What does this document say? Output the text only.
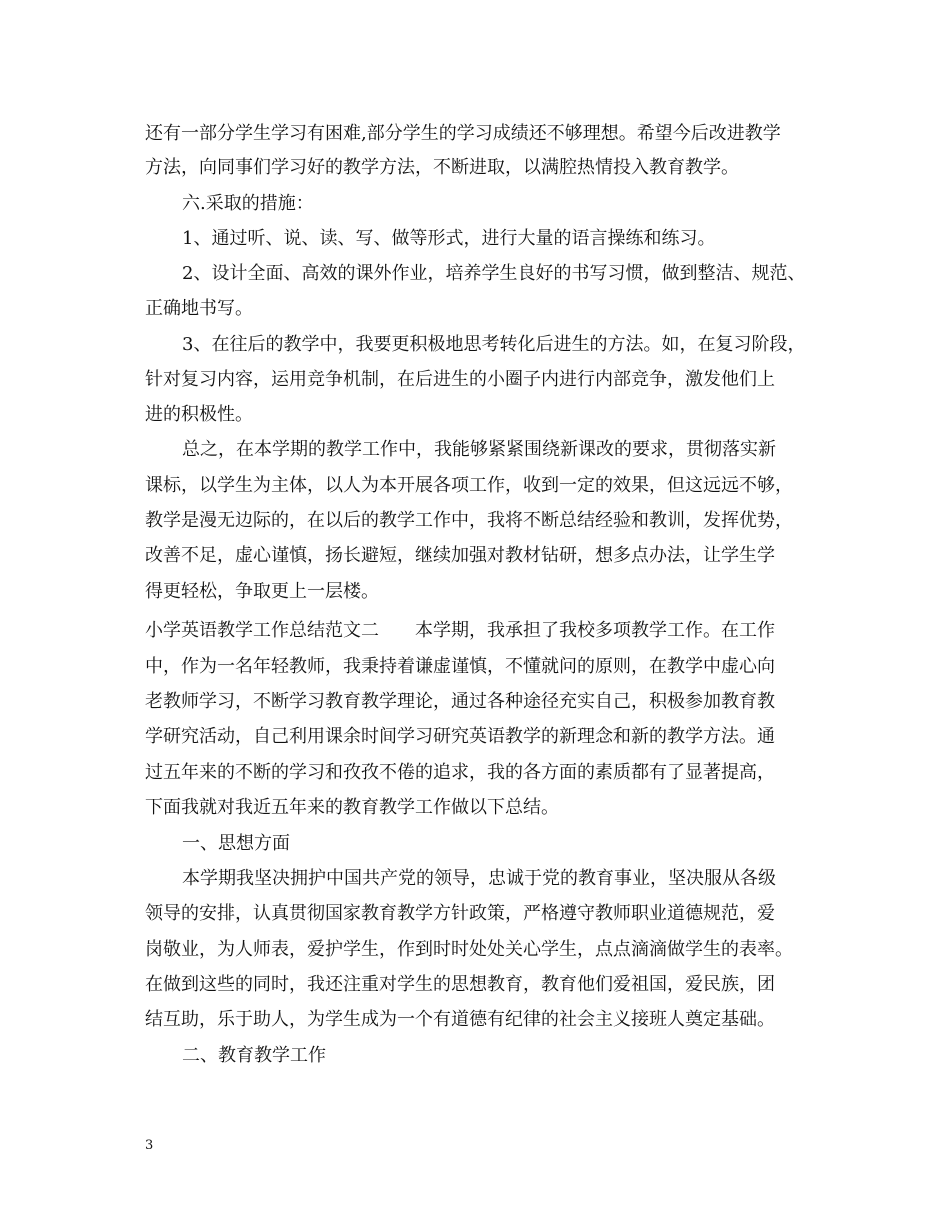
还有一部分学生学习有困难,部分学生的学习成绩还不够理想。希望今后改进教学
方法，向同事们学习好的教学方法，不断进取，以满腔热情投入教育教学。
六.采取的措施：
1、通过听、说、读、写、做等形式，进行大量的语言操练和练习。
2、设计全面、高效的课外作业，培养学生良好的书写习惯，做到整洁、规范、
正确地书写。
3、在往后的教学中，我要更积极地思考转化后进生的方法。如，在复习阶段，
针对复习内容，运用竞争机制，在后进生的小圈子内进行内部竞争，激发他们上
进的积极性。
总之，在本学期的教学工作中，我能够紧紧围绕新课改的要求，贯彻落实新
课标，以学生为主体，以人为本开展各项工作，收到一定的效果，但这远远不够，
教学是漫无边际的，在以后的教学工作中，我将不断总结经验和教训，发挥优势，
改善不足，虚心谨慎，扬长避短，继续加强对教材钻研，想多点办法，让学生学
得更轻松，争取更上一层楼。
小学英语教学工作总结范文二　　本学期，我承担了我校多项教学工作。在工作
中，作为一名年轻教师，我秉持着谦虚谨慎，不懂就问的原则，在教学中虚心向
老教师学习，不断学习教育教学理论，通过各种途径充实自己，积极参加教育教
学研究活动，自己利用课余时间学习研究英语教学的新理念和新的教学方法。通
过五年来的不断的学习和孜孜不倦的追求，我的各方面的素质都有了显著提高，
下面我就对我近五年来的教育教学工作做以下总结。
一、思想方面
本学期我坚决拥护中国共产党的领导，忠诚于党的教育事业，坚决服从各级
领导的安排，认真贯彻国家教育教学方针政策，严格遵守教师职业道德规范，爱
岗敬业，为人师表，爱护学生，作到时时处处关心学生，点点滴滴做学生的表率。
在做到这些的同时，我还注重对学生的思想教育，教育他们爱祖国，爱民族，团
结互助，乐于助人，为学生成为一个有道德有纪律的社会主义接班人奠定基础。
二、教育教学工作
3
